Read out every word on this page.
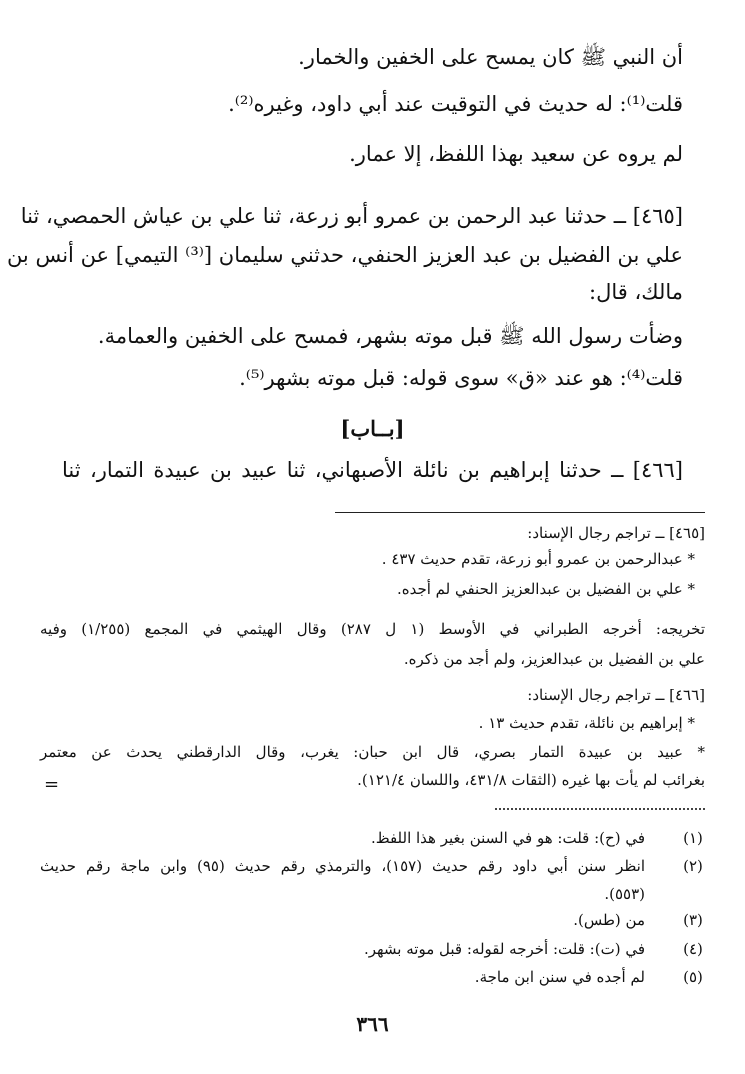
أن النبي ﷺ كان يمسح على الخفين والخمار.
قلت⁽¹⁾: له حديث في التوقيت عند أبي داود، وغيره⁽²⁾.
لم يروه عن سعيد بهذا اللفظ، إلا عمار.
[٤٦٥] ــ حدثنا عبد الرحمن بن عمرو أبو زرعة، ثنا علي بن عياش الحمصي، ثنا
علي بن الفضيل بن عبد العزيز الحنفي، حدثني سليمان [⁽³⁾ التيمي] عن أنس بن
مالك، قال:
وضأت رسول الله ﷺ قبل موته بشهر، فمسح على الخفين والعمامة.
قلت⁽⁴⁾: هو عند «ق» سوى قوله: قبل موته بشهر⁽⁵⁾.
[بــاب]
[٤٦٦] ــ حدثنا إبراهيم بن نائلة الأصبهاني، ثنا عبيد بن عبيدة التمار، ثنا
[٤٦٥] ــ تراجم رجال الإسناد:
* عبدالرحمن بن عمرو أبو زرعة، تقدم حديث ٤٣٧ .
* علي بن الفضيل بن عبدالعزيز الحنفي لم أجده.
تخريجه: أخرجه الطبراني في الأوسط (١ ل ٢٨٧) وقال الهيثمي في المجمع (١/٢٥٥) وفيه
علي بن الفضيل بن عبدالعزيز، ولم أجد من ذكره.
[٤٦٦] ــ تراجم رجال الإسناد:
* إبراهيم بن نائلة، تقدم حديث ١٣ .
* عبيد بن عبيدة التمار بصري، قال ابن حبان: يغرب، وقال الدارقطني يحدث عن معتمر
بغرائب لم يأت بها غيره (الثقات ٤٣١/٨، واللسان ١٢١/٤).
=
(١)
في (ح): قلت: هو في السنن بغير هذا اللفظ.
(٢)
انظر سنن أبي داود رقم حديث (١٥٧)، والترمذي رقم حديث (٩٥) وابن ماجة رقم حديث
(٥٥٣).
(٣)
من (طس).
(٤)
في (ت): قلت: أخرجه لقوله: قبل موته بشهر.
(٥)
لم أجده في سنن ابن ماجة.
٣٦٦
